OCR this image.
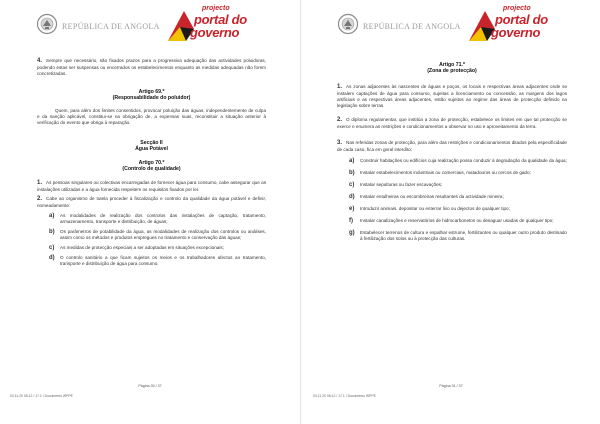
REPÚBLICA DE ANGOLA
projecto
portal do
governo

4. Sempre que necessário, são fixados prazos para a progressiva adequação das actividades poluidoras, podendo estas ser suspensas ou encerrados os estabelecimentos enquanto as medidas adequadas não forem concretizadas.

Artigo 69.º
(Responsabilidade do poluidor)

Quem, para além dos limites consentidos, provocar poluição das águas, independentemente de culpa e da sanção aplicável, constitui-se na obrigação de, a expensas suas, reconstituir a situação anterior à verificação do evento que obriga à reparação.

Secção II
Água Potável
Artigo 70.º
(Controlo de qualidade)

1. As pessoas singulares ou colectivas encarregadas de fornecer água para consumo, cabe assegurar que as instalações utilizadas e a água fornecida respeitem os requisitos fixados por lei.

2. Cabe ao organismo de tutela proceder à fiscalização e controlo da qualidade da água potável e definir, nomeadamente:

a)	As modalidades de realização dos controlos das instalações de captação, tratamento, armazenamento, transporte e distribuição, de águas;

b)	Os parâmetros de potabilidade da água, as modalidades de realização dos controlos ou análises, assim como os métodos e produtos empregues no tratamento e conservação das águas;

c)	As medidas de protecção especiais a ser adoptadas em situações excepcionais;

d)	O controlo sanitário a que ficam sujeitos os meios e os trabalhadores afectos ao tratamento, transporte e distribuição de água para consumo.

Página 30 / 37
03.11.20 08:12 / 17.1 / Documento WPPE
REPÚBLICA DE ANGOLA
projecto
portal do
governo
Artigo 71.º
(Zona de protecção)

1. As zonas adjacentes às nascentes de águas e poços, os locais e respectivas áreas adjacentes onde se instalem captações de água para consumo, sujeitas a licenciamento ou concessão, as margens dos lagos artificiais e as respectivas áreas adjacentes, estão sujeitos ao regime das áreas de protecção definido na legislação sobre terras.

2. O diploma regulamentar, que institúa a zona de protecção, estabelece os limites em que tal protecção se exerce e enumera as restrições e condicionamentos a observar no uso e aproveitamento da terra.

3. Nas referidas zonas de protecção, para além das restrições e condicionamentos ditados pela especificidade de cada caso, fica em geral interdito:

a)	Construir habitações ou edifícios cuja realização possa conduzir à degradação da qualidade da água;

b)	Instalar estabelecimentos industriais ou comerciais, matadouros ou cercos de gado;

c)	Instalar sepulturas ou fazer escavações;

d)	Instalar entulheiras ou escombreiras resultantes da actividade mineira;

e)	Introduzir animais, depositar ou enterrar lixo ou dejectos de qualquer tipo;

f)	Instalar canalizações e reservatórios de hidrocarbonetos ou desaguar usadas de qualquer tipo;

g)	Estabelecer terrenos de cultura e espalhar estrume, fertilizantes ou qualquer outro produto destinado à fertilização dos solos ou à protecção das culturas.

Página 31 / 37
03.11.20 08:12 / 17.1 / Documento WPPE
